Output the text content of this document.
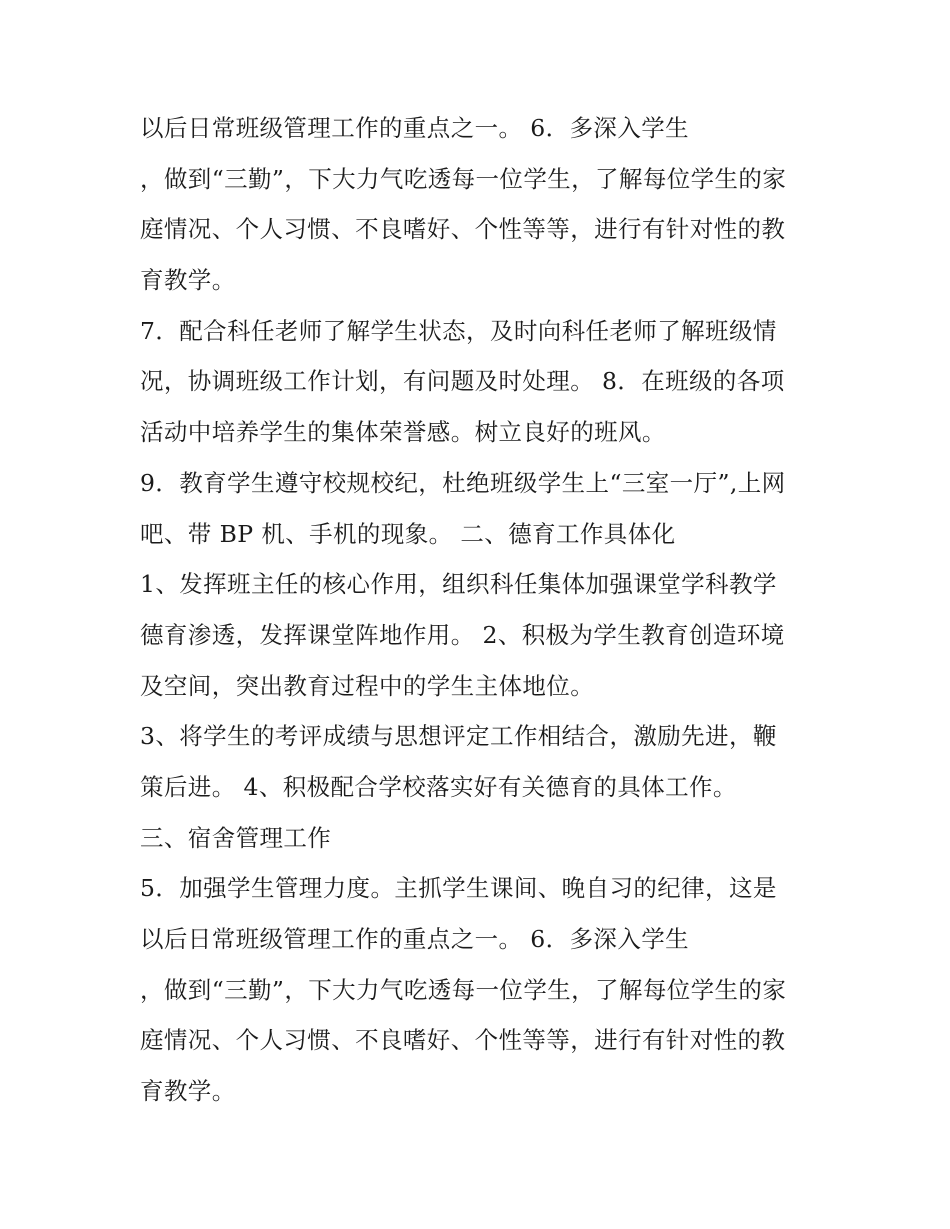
以后日常班级管理工作的重点之一。 6．多深入学生
，做到“三勤”，下大力气吃透每一位学生，了解每位学生的家
庭情况、个人习惯、不良嗜好、个性等等，进行有针对性的教
育教学。
7．配合科任老师了解学生状态，及时向科任老师了解班级情
况，协调班级工作计划，有问题及时处理。 8．在班级的各项
活动中培养学生的集体荣誉感。树立良好的班风。
9．教育学生遵守校规校纪，杜绝班级学生上“三室一厅”,上网
吧、带 BP 机、手机的现象。 二、德育工作具体化
1、发挥班主任的核心作用，组织科任集体加强课堂学科教学
德育渗透，发挥课堂阵地作用。 2、积极为学生教育创造环境
及空间，突出教育过程中的学生主体地位。
3、将学生的考评成绩与思想评定工作相结合，激励先进，鞭
策后进。 4、积极配合学校落实好有关德育的具体工作。
三、宿舍管理工作
5．加强学生管理力度。主抓学生课间、晚自习的纪律，这是
以后日常班级管理工作的重点之一。 6．多深入学生
，做到“三勤”，下大力气吃透每一位学生，了解每位学生的家
庭情况、个人习惯、不良嗜好、个性等等，进行有针对性的教
育教学。
